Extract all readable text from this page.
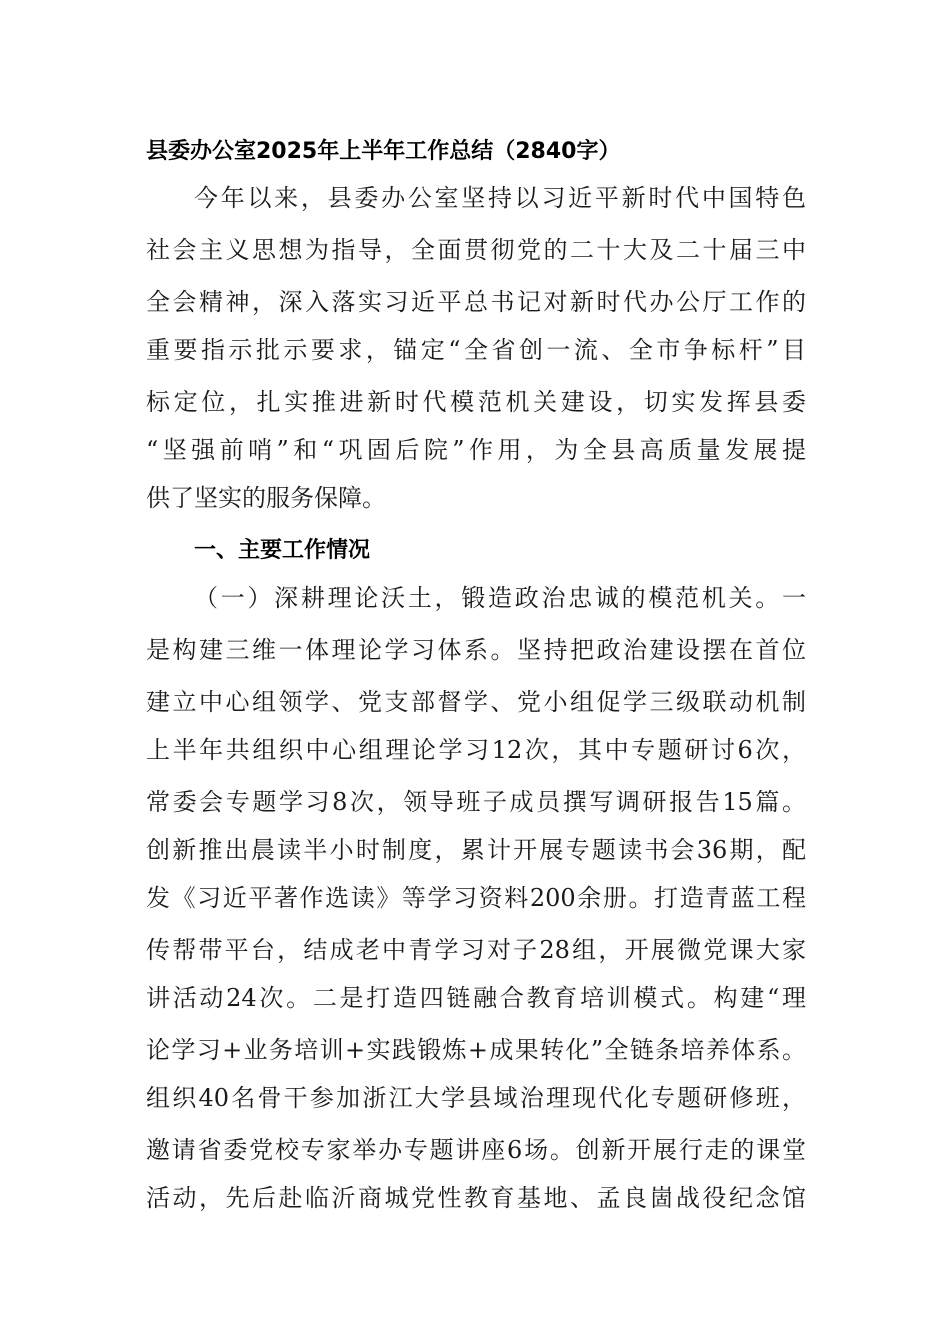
县委办公室2025年上半年工作总结（2840字）
今年以来，县委办公室坚持以习近平新时代中国特色
社会主义思想为指导，全面贯彻党的二十大及二十届三中
全会精神，深入落实习近平总书记对新时代办公厅工作的
重要指示批示要求，锚定“全省创一流、全市争标杆”目
标定位，扎实推进新时代模范机关建设，切实发挥县委
“坚强前哨”和“巩固后院”作用，为全县高质量发展提
供了坚实的服务保障。
一、主要工作情况
（一）深耕理论沃土，锻造政治忠诚的模范机关。一
是构建三维一体理论学习体系。坚持把政治建设摆在首位
建立中心组领学、党支部督学、党小组促学三级联动机制
上半年共组织中心组理论学习12次，其中专题研讨6次，
常委会专题学习8次，领导班子成员撰写调研报告15篇。
创新推出晨读半小时制度，累计开展专题读书会36期，配
发《习近平著作选读》等学习资料200余册。打造青蓝工程
传帮带平台，结成老中青学习对子28组，开展微党课大家
讲活动24次。二是打造四链融合教育培训模式。构建“理
论学习+业务培训+实践锻炼+成果转化”全链条培养体系。
组织40名骨干参加浙江大学县域治理现代化专题研修班，
邀请省委党校专家举办专题讲座6场。创新开展行走的课堂
活动，先后赴临沂商城党性教育基地、孟良崮战役纪念馆
